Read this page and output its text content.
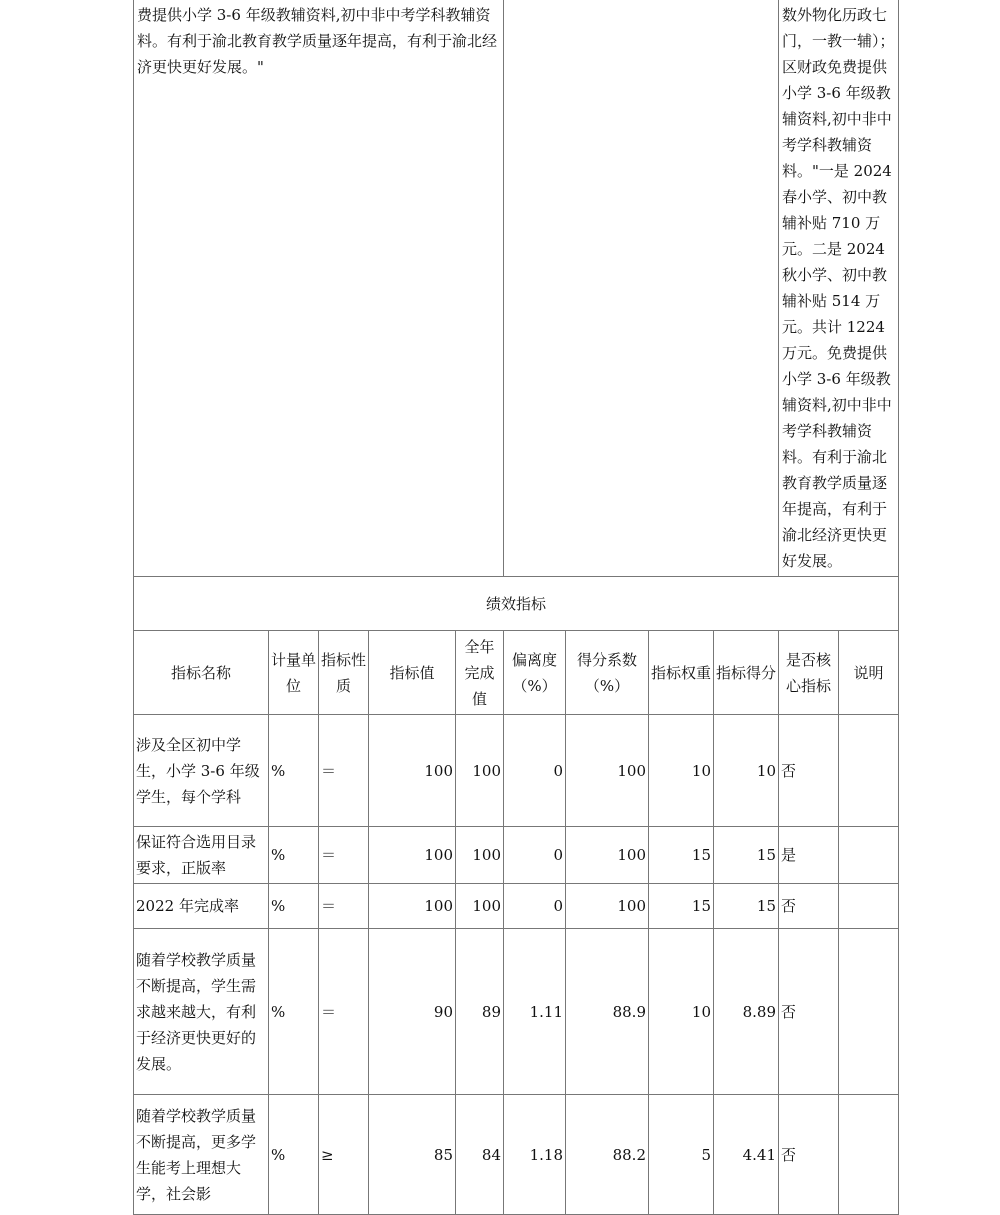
费提供小学 3-6 年级教辅资料,初中非中考学科教辅资料。有利于渝北教育教学质量逐年提高，有利于渝北经济更快更好发展。"									数外物化历政七门，一教一辅）；区财政免费提供小学 3-6 年级教辅资料,初中非中考学科教辅资料。"一是 2024 春小学、初中教辅补贴 710 万元。二是 2024 秋小学、初中教辅补贴 514 万元。共计 1224 万元。免费提供小学 3-6 年级教辅资料,初中非中考学科教辅资料。有利于渝北教育教学质量逐年提高，有利于渝北经济更快更好发展。	
绩效指标										
指标名称	计量单位	指标性质	指标值	全年完成值	偏离度（%）	得分系数（%）	指标权重	指标得分	是否核心指标	说明
涉及全区初中学生，小学 3-6 年级学生，每个学科	%	＝	100	100	0	100	10	10	否	
保证符合选用目录要求，正版率	%	＝	100	100	0	100	15	15	是	
2022 年完成率	%	＝	100	100	0	100	15	15	否	
随着学校教学质量不断提高，学生需求越来越大，有利于经济更快更好的发展。	%	＝	90	89	1.11	88.9	10	8.89	否	
随着学校教学质量不断提高，更多学生能考上理想大学，社会影	%	≥	85	84	1.18	88.2	5	4.41	否	
